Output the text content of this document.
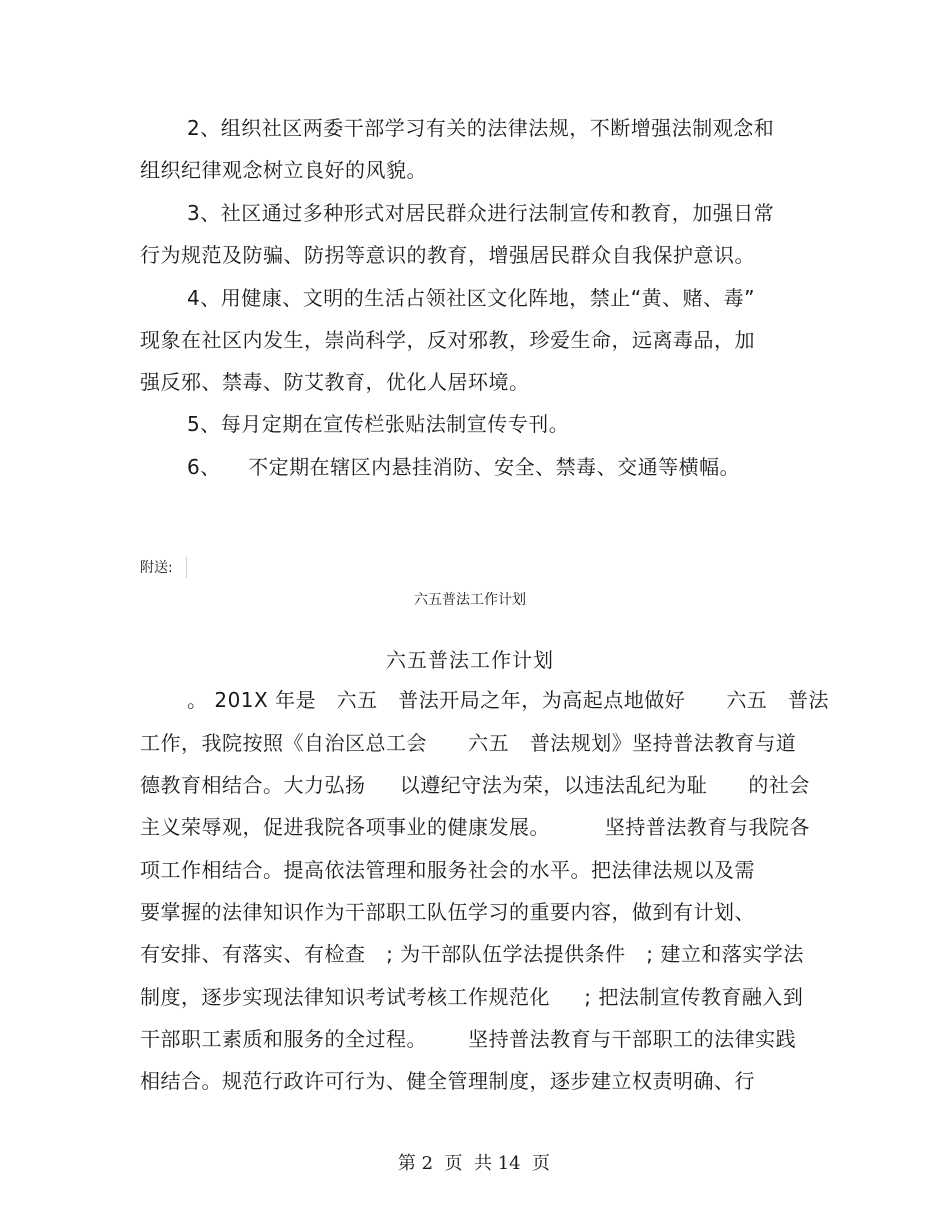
2、组织社区两委干部学习有关的法律法规，不断增强法制观念和
组织纪律观念树立良好的风貌。
3、社区通过多种形式对居民群众进行法制宣传和教育，加强日常
行为规范及防骗、防拐等意识的教育，增强居民群众自我保护意识。
4、用健康、文明的生活占领社区文化阵地，禁止“黄、赌、毒”
现象在社区内发生，崇尚科学，反对邪教，珍爱生命，远离毒品，加
强反邪、禁毒、防艾教育，优化人居环境。
5、每月定期在宣传栏张贴法制宣传专刊。
6、    不定期在辖区内悬挂消防、安全、禁毒、交通等横幅。
附送:
六五普法工作计划
六五普法工作计划
。 201X 年是   六五   普法开局之年，为高起点地做好      六五   普法
工作，我院按照《自治区总工会      六五   普法规划》坚持普法教育与道
德教育相结合。大力弘扬     以遵纪守法为荣，以违法乱纪为耻      的社会
主义荣辱观，促进我院各项事业的健康发展。        坚持普法教育与我院各
项工作相结合。提高依法管理和服务社会的水平。把法律法规以及需
要掌握的法律知识作为干部职工队伍学习的重要内容，做到有计划、
有安排、有落实、有检查   ; 为干部队伍学法提供条件   ; 建立和落实学法
制度，逐步实现法律知识考试考核工作规范化     ; 把法制宣传教育融入到
干部职工素质和服务的全过程。      坚持普法教育与干部职工的法律实践
相结合。规范行政许可行为、健全管理制度，逐步建立权责明确、行
第 2  页  共 14  页
